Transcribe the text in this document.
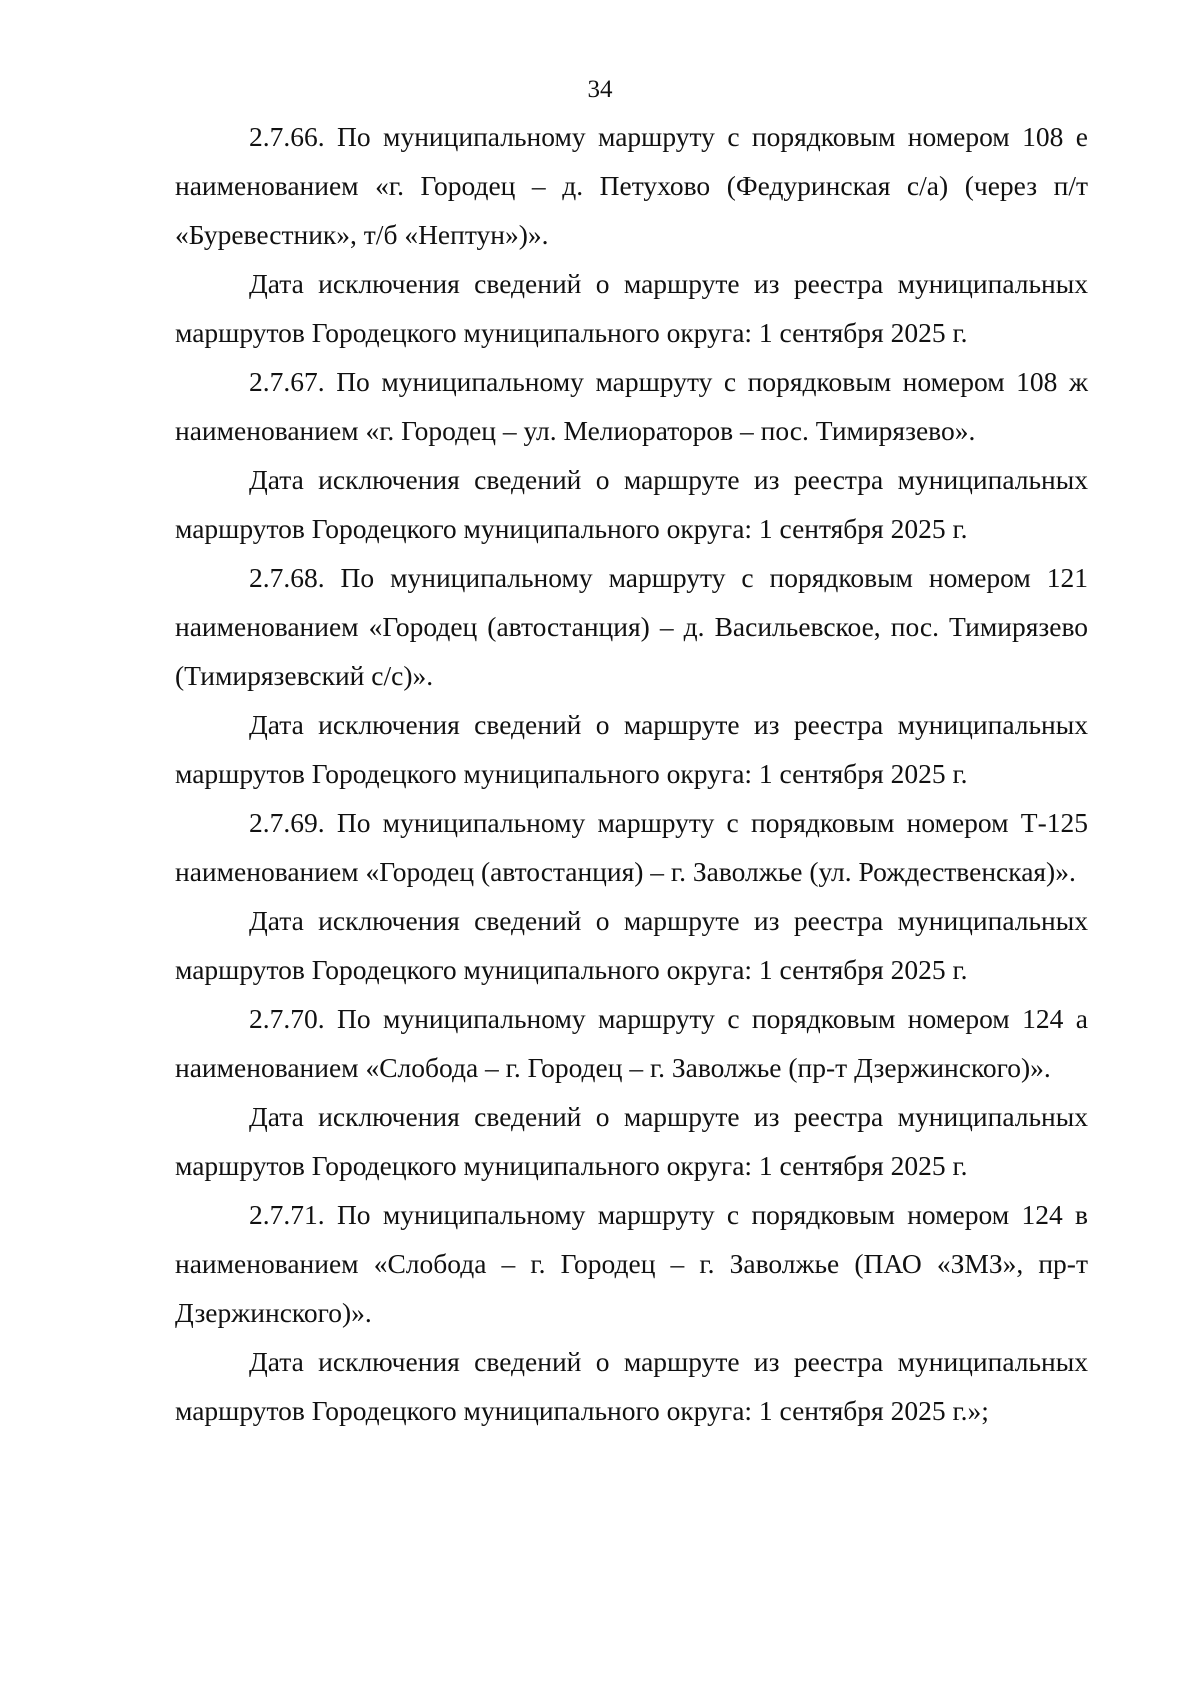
34

2.7.66. По муниципальному маршруту с порядковым номером 108 е наименованием «г. Городец – д. Петухово (Федуринская с/а) (через п/т «Буревестник», т/б «Нептун»)».

Дата исключения сведений о маршруте из реестра муниципальных маршрутов Городецкого муниципального округа: 1 сентября 2025 г.

2.7.67. По муниципальному маршруту с порядковым номером 108 ж наименованием «г. Городец – ул. Мелиораторов – пос. Тимирязево».

Дата исключения сведений о маршруте из реестра муниципальных маршрутов Городецкого муниципального округа: 1 сентября 2025 г.

2.7.68. По муниципальному маршруту с порядковым номером 121 наименованием «Городец (автостанция) – д. Васильевское, пос. Тимирязево (Тимирязевский с/с)».

Дата исключения сведений о маршруте из реестра муниципальных маршрутов Городецкого муниципального округа: 1 сентября 2025 г.

2.7.69. По муниципальному маршруту с порядковым номером Т-125 наименованием «Городец (автостанция) – г. Заволжье (ул. Рождественская)».

Дата исключения сведений о маршруте из реестра муниципальных маршрутов Городецкого муниципального округа: 1 сентября 2025 г.

2.7.70. По муниципальному маршруту с порядковым номером 124 а наименованием «Слобода – г. Городец – г. Заволжье (пр-т Дзержинского)».

Дата исключения сведений о маршруте из реестра муниципальных маршрутов Городецкого муниципального округа: 1 сентября 2025 г.

2.7.71. По муниципальному маршруту с порядковым номером 124 в наименованием «Слобода – г. Городец – г. Заволжье (ПАО «ЗМЗ», пр-т Дзержинского)».

Дата исключения сведений о маршруте из реестра муниципальных маршрутов Городецкого муниципального округа: 1 сентября 2025 г.»;
